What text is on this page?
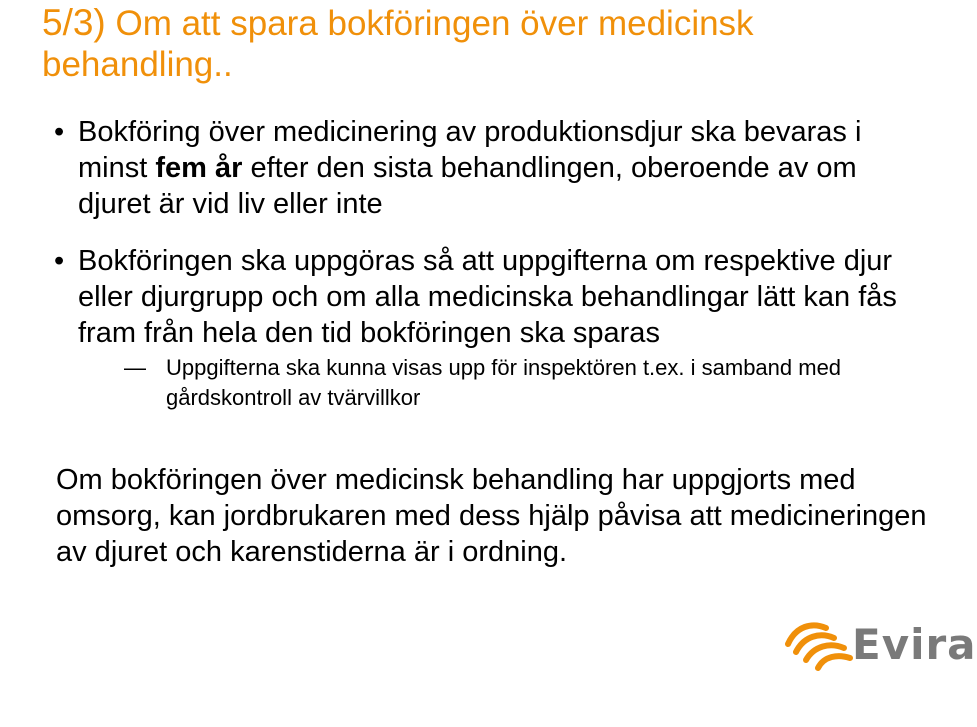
5/3) Om att spara bokföringen över medicinsk behandling..
• Bokföring över medicinering av produktionsdjur ska bevaras i minst fem år efter den sista behandlingen, oberoende av om djuret är vid liv eller inte
• Bokföringen ska uppgöras så att uppgifterna om respektive djur eller djurgrupp och om alla medicinska behandlingar lätt kan fås fram från hela den tid bokföringen ska sparas
— Uppgifterna ska kunna visas upp för inspektören t.ex. i samband med gårdskontroll av tvärvillkor

Om bokföringen över medicinsk behandling har uppgjorts med omsorg, kan jordbrukaren med dess hjälp påvisa att medicineringen av djuret och karenstiderna är i ordning.

Evira
